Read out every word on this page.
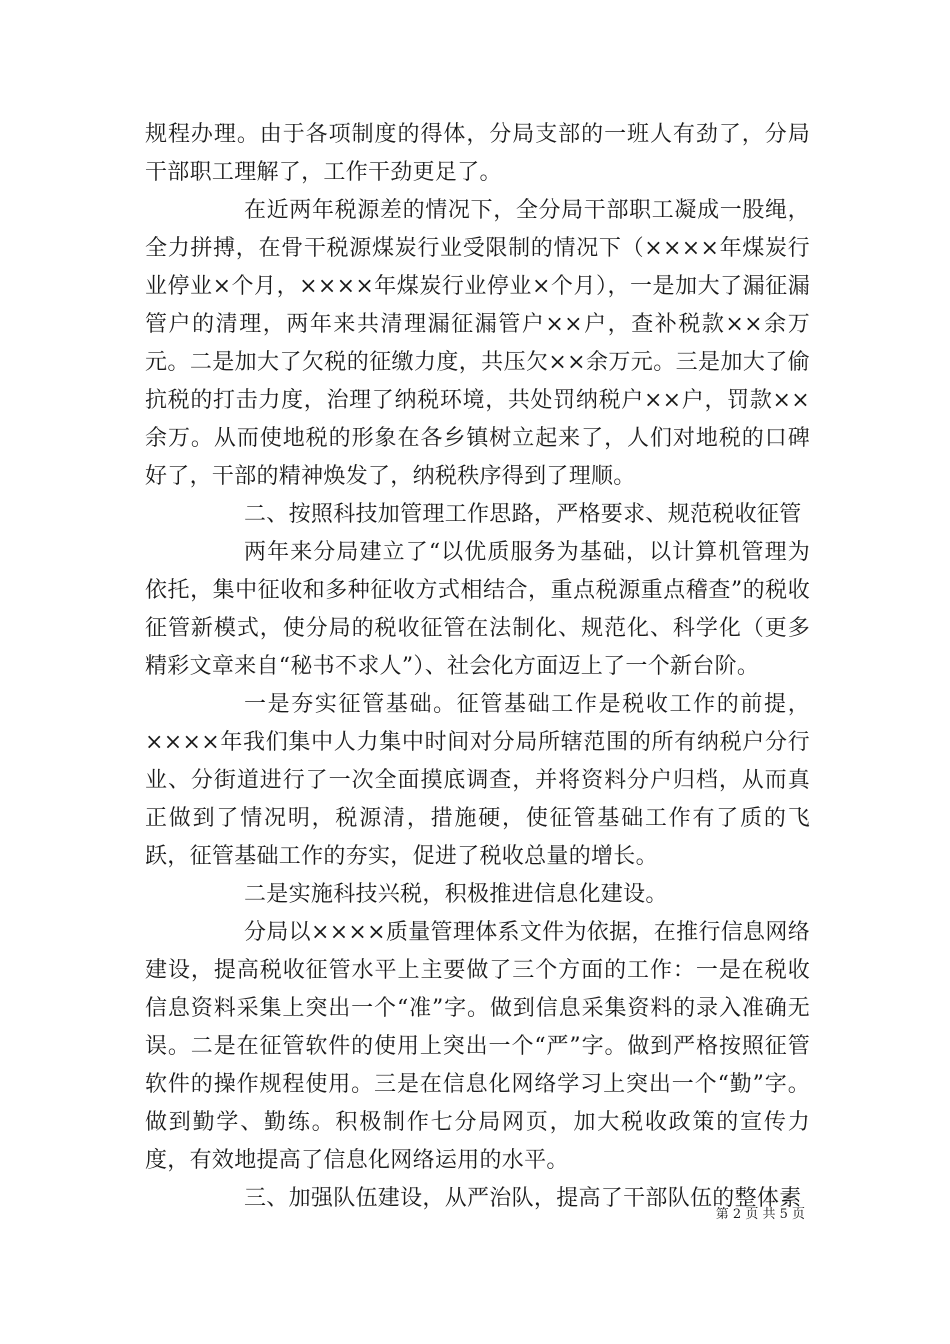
规程办理。由于各项制度的得体，分局支部的一班人有劲了，分局干部职工理解了，工作干劲更足了。

在近两年税源差的情况下，全分局干部职工凝成一股绳，全力拼搏，在骨干税源煤炭行业受限制的情况下（××××年煤炭行业停业×个月，××××年煤炭行业停业×个月），一是加大了漏征漏管户的清理，两年来共清理漏征漏管户××户，查补税款××余万元。二是加大了欠税的征缴力度，共压欠××余万元。三是加大了偷抗税的打击力度，治理了纳税环境，共处罚纳税户××户，罚款××余万。从而使地税的形象在各乡镇树立起来了，人们对地税的口碑好了，干部的精神焕发了，纳税秩序得到了理顺。

二、按照科技加管理工作思路，严格要求、规范税收征管

两年来分局建立了“以优质服务为基础，以计算机管理为依托，集中征收和多种征收方式相结合，重点税源重点稽查”的税收征管新模式，使分局的税收征管在法制化、规范化、科学化（更多精彩文章来自“秘书不求人”）、社会化方面迈上了一个新台阶。

一是夯实征管基础。征管基础工作是税收工作的前提，××××年我们集中人力集中时间对分局所辖范围的所有纳税户分行业、分街道进行了一次全面摸底调查，并将资料分户归档，从而真正做到了情况明，税源清，措施硬，使征管基础工作有了质的飞跃，征管基础工作的夯实，促进了税收总量的增长。

二是实施科技兴税，积极推进信息化建设。

分局以××××质量管理体系文件为依据，在推行信息网络建设，提高税收征管水平上主要做了三个方面的工作：一是在税收信息资料采集上突出一个“准”字。做到信息采集资料的录入准确无误。二是在征管软件的使用上突出一个“严”字。做到严格按照征管软件的操作规程使用。三是在信息化网络学习上突出一个“勤”字。做到勤学、勤练。积极制作七分局网页，加大税收政策的宣传力度，有效地提高了信息化网络运用的水平。

三、加强队伍建设，从严治队，提高了干部队伍的整体素

第 2 页 共 5 页
